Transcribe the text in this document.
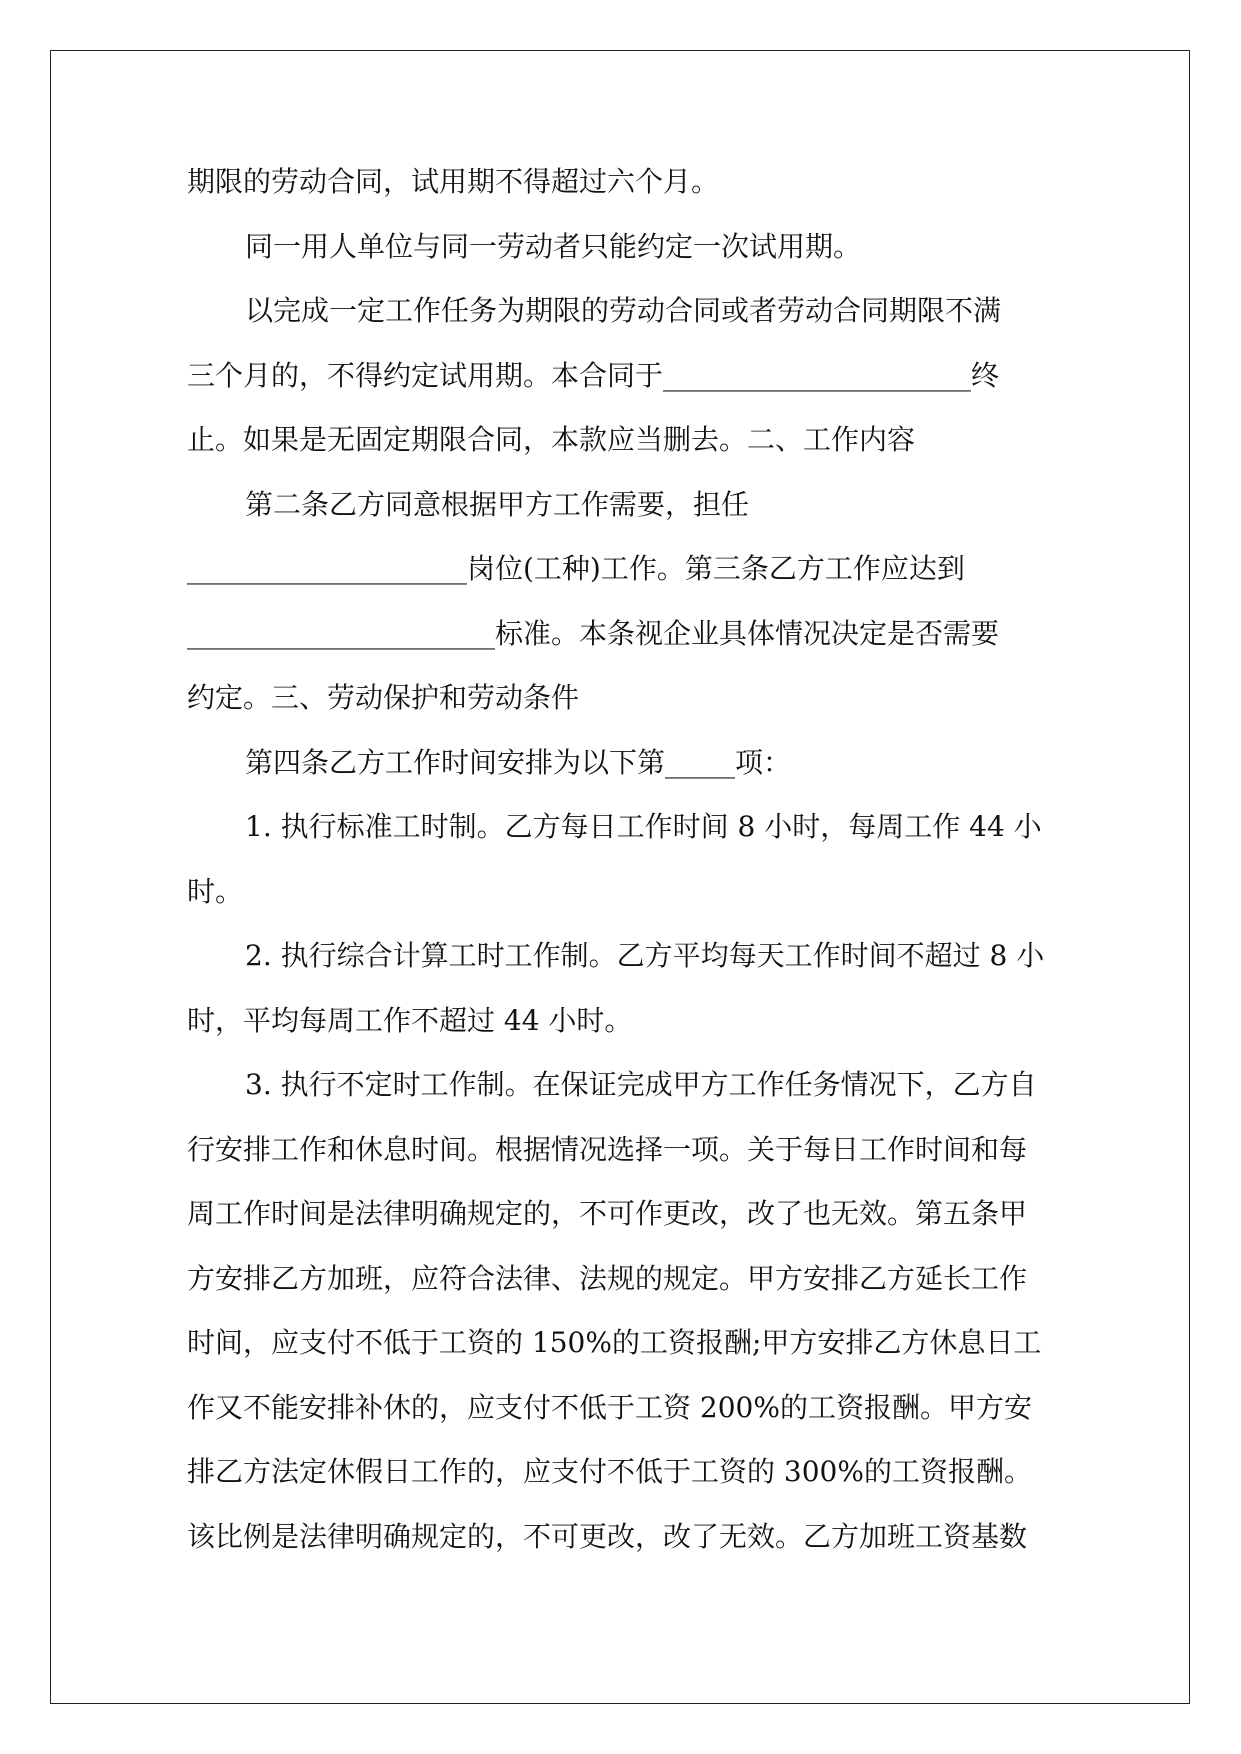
期限的劳动合同，试用期不得超过六个月。
同一用人单位与同一劳动者只能约定一次试用期。
以完成一定工作任务为期限的劳动合同或者劳动合同期限不满
三个月的，不得约定试用期。本合同于______________________终
止。如果是无固定期限合同，本款应当删去。二、工作内容
第二条乙方同意根据甲方工作需要，担任
____________________岗位(工种)工作。第三条乙方工作应达到
______________________标准。本条视企业具体情况决定是否需要
约定。三、劳动保护和劳动条件
第四条乙方工作时间安排为以下第_____项：
1. 执行标准工时制。乙方每日工作时间 8 小时，每周工作 44 小
时。
2. 执行综合计算工时工作制。乙方平均每天工作时间不超过 8 小
时，平均每周工作不超过 44 小时。
3. 执行不定时工作制。在保证完成甲方工作任务情况下，乙方自
行安排工作和休息时间。根据情况选择一项。关于每日工作时间和每
周工作时间是法律明确规定的，不可作更改，改了也无效。第五条甲
方安排乙方加班，应符合法律、法规的规定。甲方安排乙方延长工作
时间，应支付不低于工资的 150%的工资报酬;甲方安排乙方休息日工
作又不能安排补休的，应支付不低于工资 200%的工资报酬。甲方安
排乙方法定休假日工作的，应支付不低于工资的 300%的工资报酬。
该比例是法律明确规定的，不可更改，改了无效。乙方加班工资基数
